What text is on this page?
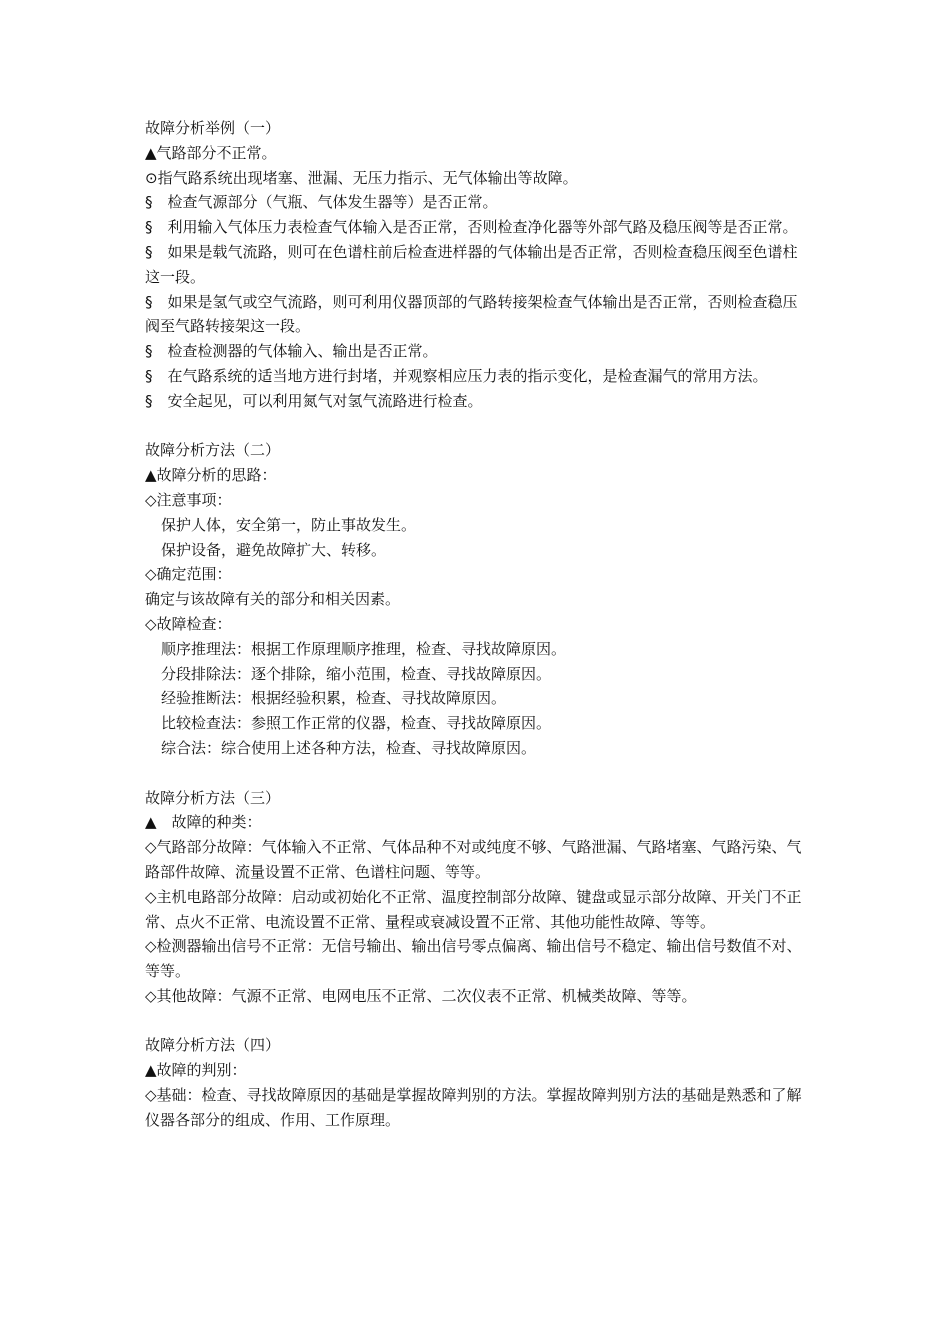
故障分析举例（一）

▲气路部分不正常。

⊙指气路系统出现堵塞、泄漏、无压力指示、无气体输出等故障。

§　检查气源部分（气瓶、气体发生器等）是否正常。

§　利用输入气体压力表检查气体输入是否正常，否则检查净化器等外部气路及稳压阀等是否正常。

§　如果是载气流路，则可在色谱柱前后检查进样器的气体输出是否正常，否则检查稳压阀至色谱柱这一段。

§　如果是氢气或空气流路，则可利用仪器顶部的气路转接架检查气体输出是否正常，否则检查稳压阀至气路转接架这一段。

§　检查检测器的气体输入、输出是否正常。

§　在气路系统的适当地方进行封堵，并观察相应压力表的指示变化，是检查漏气的常用方法。

§　安全起见，可以利用氮气对氢气流路进行检查。

故障分析方法（二）

▲故障分析的思路：

◇注意事项：

保护人体，安全第一，防止事故发生。

保护设备，避免故障扩大、转移。

◇确定范围：

确定与该故障有关的部分和相关因素。

◇故障检查：

顺序推理法：根据工作原理顺序推理，检查、寻找故障原因。

分段排除法：逐个排除，缩小范围，检查、寻找故障原因。

经验推断法：根据经验积累，检查、寻找故障原因。

比较检查法：参照工作正常的仪器，检查、寻找故障原因。

综合法：综合使用上述各种方法，检查、寻找故障原因。

故障分析方法（三）

▲　故障的种类：

◇气路部分故障：气体输入不正常、气体品种不对或纯度不够、气路泄漏、气路堵塞、气路污染、气路部件故障、流量设置不正常、色谱柱问题、等等。

◇主机电路部分故障：启动或初始化不正常、温度控制部分故障、键盘或显示部分故障、开关门不正常、点火不正常、电流设置不正常、量程或衰减设置不正常、其他功能性故障、等等。

◇检测器输出信号不正常：无信号输出、输出信号零点偏离、输出信号不稳定、输出信号数值不对、等等。

◇其他故障：气源不正常、电网电压不正常、二次仪表不正常、机械类故障、等等。

故障分析方法（四）

▲故障的判别：

◇基础：检查、寻找故障原因的基础是掌握故障判别的方法。掌握故障判别方法的基础是熟悉和了解仪器各部分的组成、作用、工作原理。
